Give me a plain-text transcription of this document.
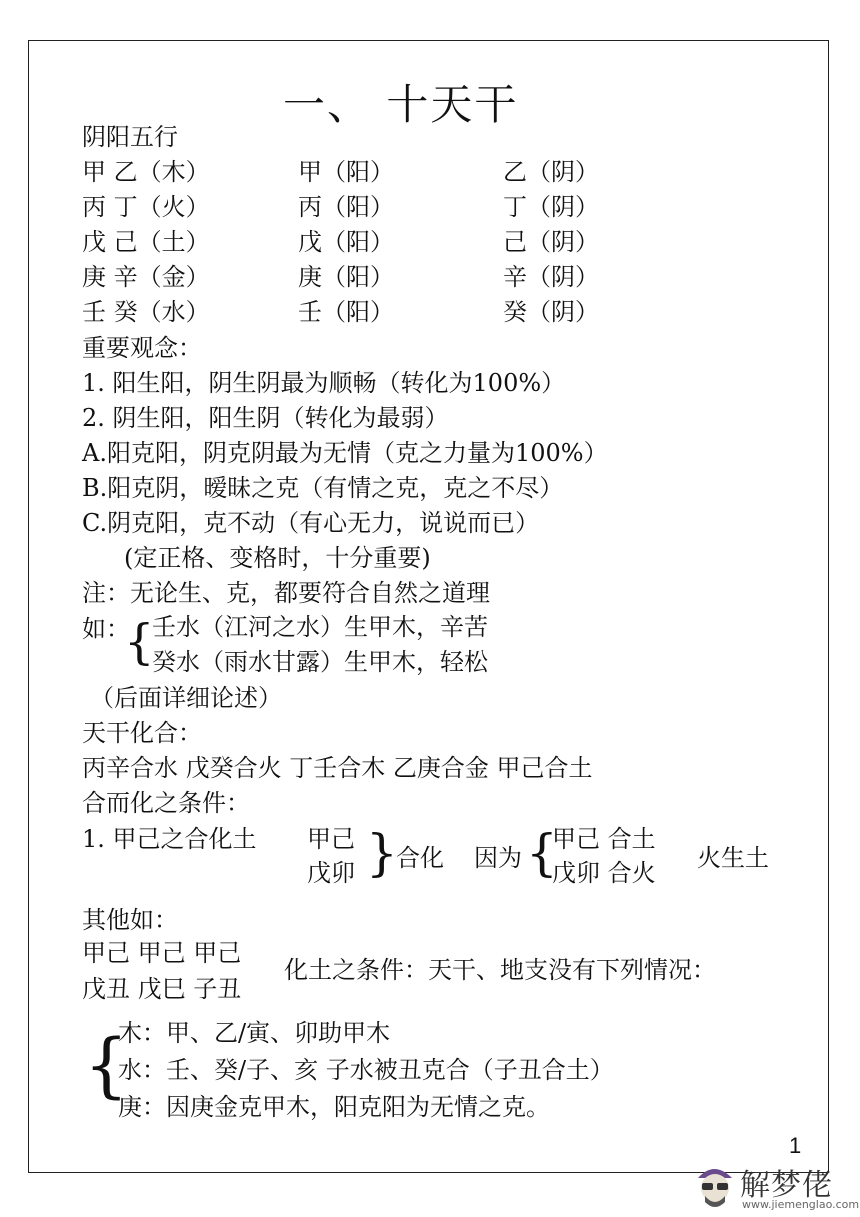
一、 十天干
阴阳五行
甲 乙（木）	甲（阳）	乙（阴）
丙 丁（火）	丙（阳）	丁（阴）
戊 己（土）	戊（阳）	己（阴）
庚 辛（金）	庚（阳）	辛（阴）
壬 癸（水）	壬（阳）	癸（阴）
重要观念：
1. 阳生阳，阴生阴最为顺畅（转化为100%）
2. 阴生阳，阳生阴（转化为最弱）
A.阳克阳，阴克阴最为无情（克之力量为100%）
B.阳克阴，暧昧之克（有情之克，克之不尽）
C.阴克阳，克不动（有心无力，说说而已）
(定正格、变格时，十分重要)
注：无论生、克，都要符合自然之道理
如：
{
壬水（江河之水）生甲木，辛苦
癸水（雨水甘露）生甲木，轻松
（后面详细论述）
天干化合：
丙辛合水 戊癸合火 丁壬合木 乙庚合金 甲己合土
合而化之条件：
1. 甲己之合化土 甲己
戊卯 }
合化 因为 {
甲己 合土
戊卯 合火
火生土
其他如：
甲己 甲己 甲己
戊丑 戊巳 子丑
化土之条件：天干、地支没有下列情况：
{
木：甲、乙/寅、卯助甲木
水：壬、癸/子、亥 子水被丑克合（子丑合土）
庚：因庚金克甲木，阳克阳为无情之克。
1
解梦佬
www.jiemenglao.com
